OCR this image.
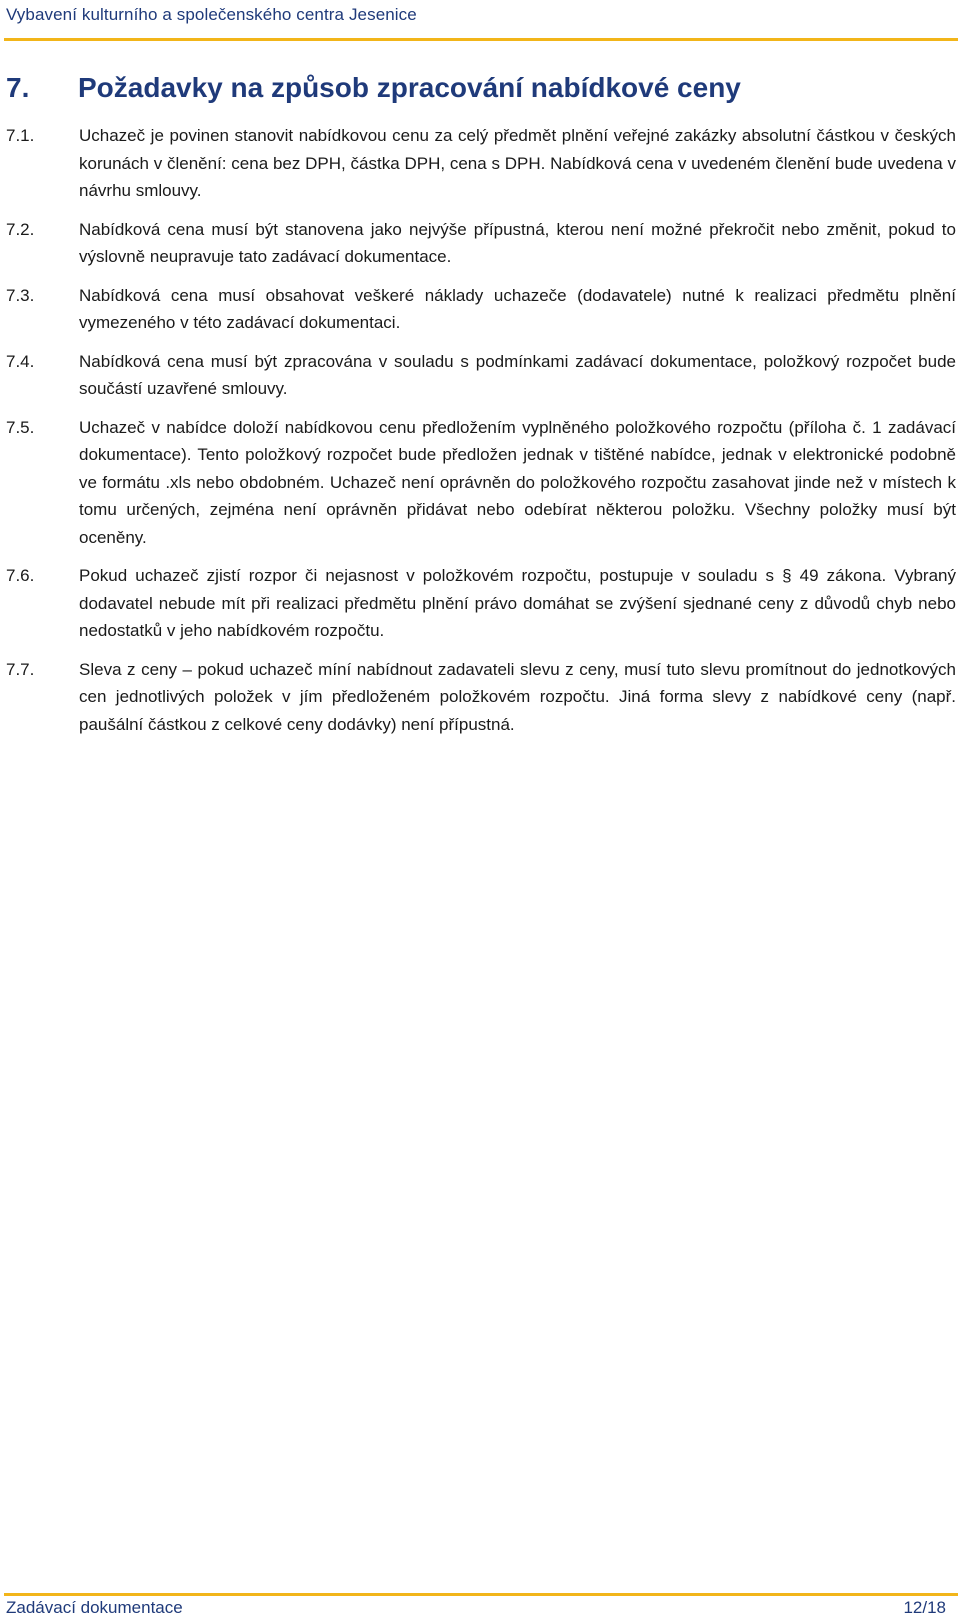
Vybavení kulturního a společenského centra Jesenice
7. Požadavky na způsob zpracování nabídkové ceny
7.1.	Uchazeč je povinen stanovit nabídkovou cenu za celý předmět plnění veřejné zakázky absolutní částkou v českých korunách v členění: cena bez DPH, částka DPH, cena s DPH. Nabídková cena v uvedeném členění bude uvedena v návrhu smlouvy.
7.2.	Nabídková cena musí být stanovena jako nejvýše přípustná, kterou není možné překročit nebo změnit, pokud to výslovně neupravuje tato zadávací dokumentace.
7.3.	Nabídková cena musí obsahovat veškeré náklady uchazeče (dodavatele) nutné k realizaci předmětu plnění vymezeného v této zadávací dokumentaci.
7.4.	Nabídková cena musí být zpracována v souladu s podmínkami zadávací dokumentace, položkový rozpočet bude součástí uzavřené smlouvy.
7.5.	Uchazeč v nabídce doloží nabídkovou cenu předložením vyplněného položkového rozpočtu (příloha č. 1 zadávací dokumentace). Tento položkový rozpočet bude předložen jednak v tištěné nabídce, jednak v elektronické podobně ve formátu .xls nebo obdobném. Uchazeč není oprávněn do položkového rozpočtu zasahovat jinde než v místech k tomu určených, zejména není oprávněn přidávat nebo odebírat některou položku. Všechny položky musí být oceněny.
7.6.	Pokud uchazeč zjistí rozpor či nejasnost v položkovém rozpočtu, postupuje v souladu s § 49 zákona. Vybraný dodavatel nebude mít při realizaci předmětu plnění právo domáhat se zvýšení sjednané ceny z důvodů chyb nebo nedostatků v jeho nabídkovém rozpočtu.
7.7.	Sleva z ceny – pokud uchazeč míní nabídnout zadavateli slevu z ceny, musí tuto slevu promítnout do jednotkových cen jednotlivých položek v jím předloženém položkovém rozpočtu. Jiná forma slevy z nabídkové ceny (např. paušální částkou z celkové ceny dodávky) není přípustná.
Zadávací dokumentace	12/18
